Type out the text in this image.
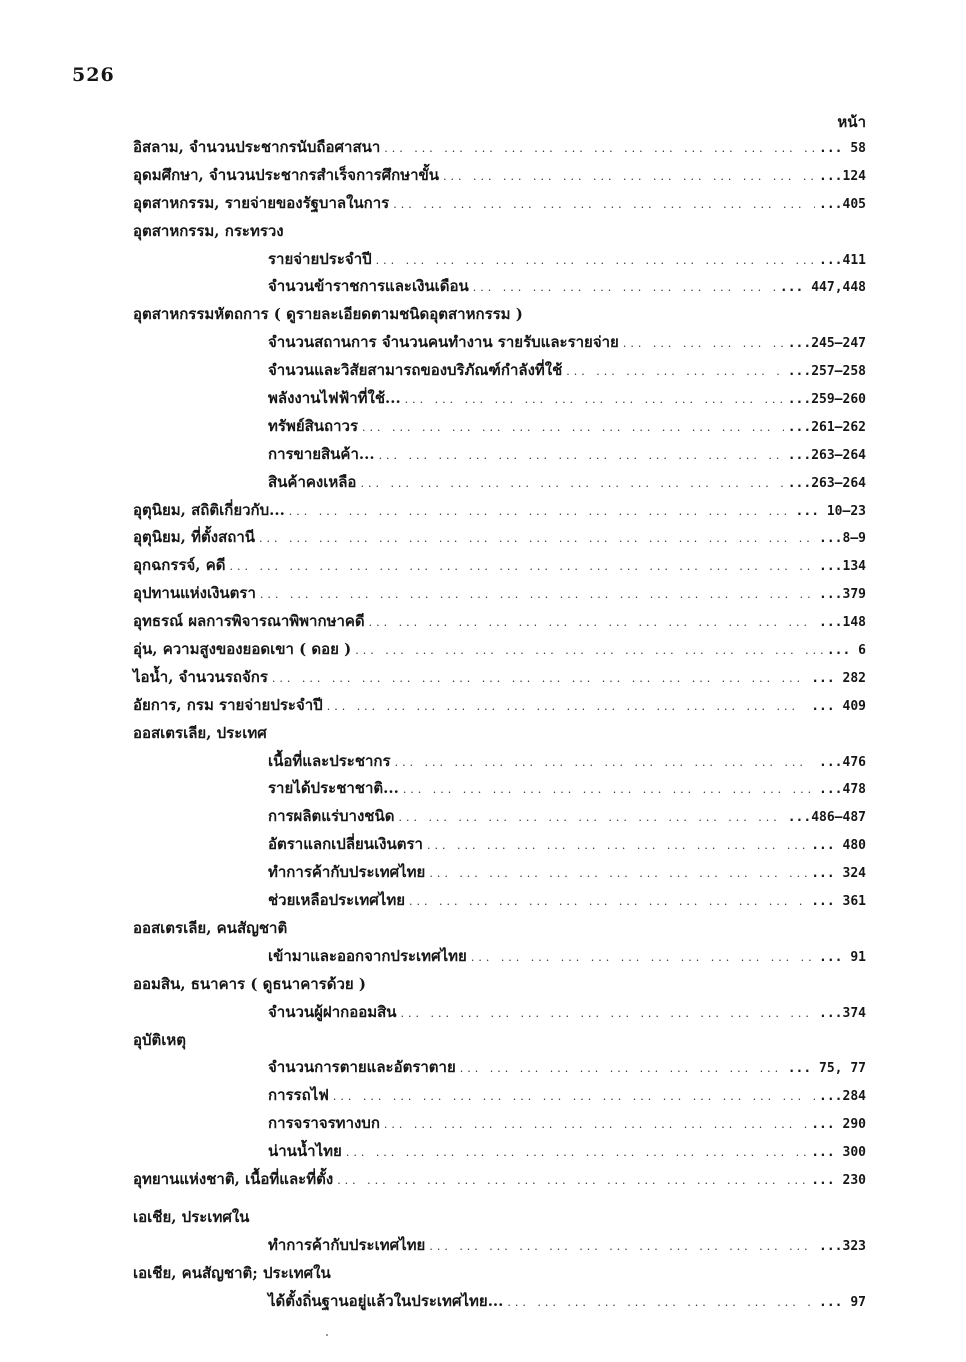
526
หน้า
อิสลาม, จำนวนประชากรนับถือศาสนา ... .	... 58
อุดมศึกษา, จำนวนประชากรสำเร็จการศึกษาขั้น ... .	...124
อุตสาหกรรม, รายจ่ายของรัฐบาลในการ ... .	...405
อุตสาหกรรม, กระทรวง
รายจ่ายประจำปี ... .	...411
จำนวนข้าราชการและเงินเดือน ... .	... 447,448
อุตสาหกรรมหัตถการ ( ดูรายละเอียดตามชนิดอุตสาหกรรม )
จำนวนสถานการ จำนวนคนทำงาน รายรับและรายจ่าย ... .	...245–247
จำนวนและวิสัยสามารถของบริภัณฑ์กำลังที่ใช้ ... .	...257–258
พลังงานไฟฟ้าที่ใช้... ... .	...259–260
ทรัพย์สินถาวร ... .	...261–262
การขายสินค้า... ... .	...263–264
สินค้าคงเหลือ ... .	...263–264
อุตุนิยม, สถิติเกี่ยวกับ... ... .	... 10–23
อุตุนิยม, ที่ตั้งสถานี ... .	...8–9
อุกฉกรรจ์, คดี ... .	...134
อุปทานแห่งเงินตรา ... .	...379
อุทธรณ์ ผลการพิจารณาพิพากษาคดี ... .	...148
อุ่น, ความสูงของยอดเขา ( ดอย ) ... .	... 6
ไอน้ำ, จำนวนรถจักร ... .	... 282
อัยการ, กรม รายจ่ายประจำปี ... .	... 409
ออสเตรเลีย, ประเทศ
เนื้อที่และประชากร ... .	...476
รายได้ประชาชาติ... ... .	...478
การผลิตแร่บางชนิด ... .	...486–487
อัตราแลกเปลี่ยนเงินตรา ... .	... 480
ทำการค้ากับประเทศไทย ... .	... 324
ช่วยเหลือประเทศไทย ... .	... 361
ออสเตรเลีย, คนสัญชาติ
เข้ามาและออกจากประเทศไทย ... .	... 91
ออมสิน, ธนาคาร ( ดูธนาคารด้วย )
จำนวนผู้ฝากออมสิน ... .	...374
อุบัติเหตุ
จำนวนการตายและอัตราตาย ... .	... 75, 77
การรถไฟ ... .	...284
การจราจรทางบก ... .	... 290
น่านน้ำไทย ... .	... 300
อุทยานแห่งชาติ, เนื้อที่และที่ตั้ง ... .	... 230
เอเชีย, ประเทศใน
ทำการค้ากับประเทศไทย ... .	...323
เอเชีย, คนสัญชาติ; ประเทศใน
ได้ตั้งถิ่นฐานอยู่แล้วในประเทศไทย... ... .	... 97
